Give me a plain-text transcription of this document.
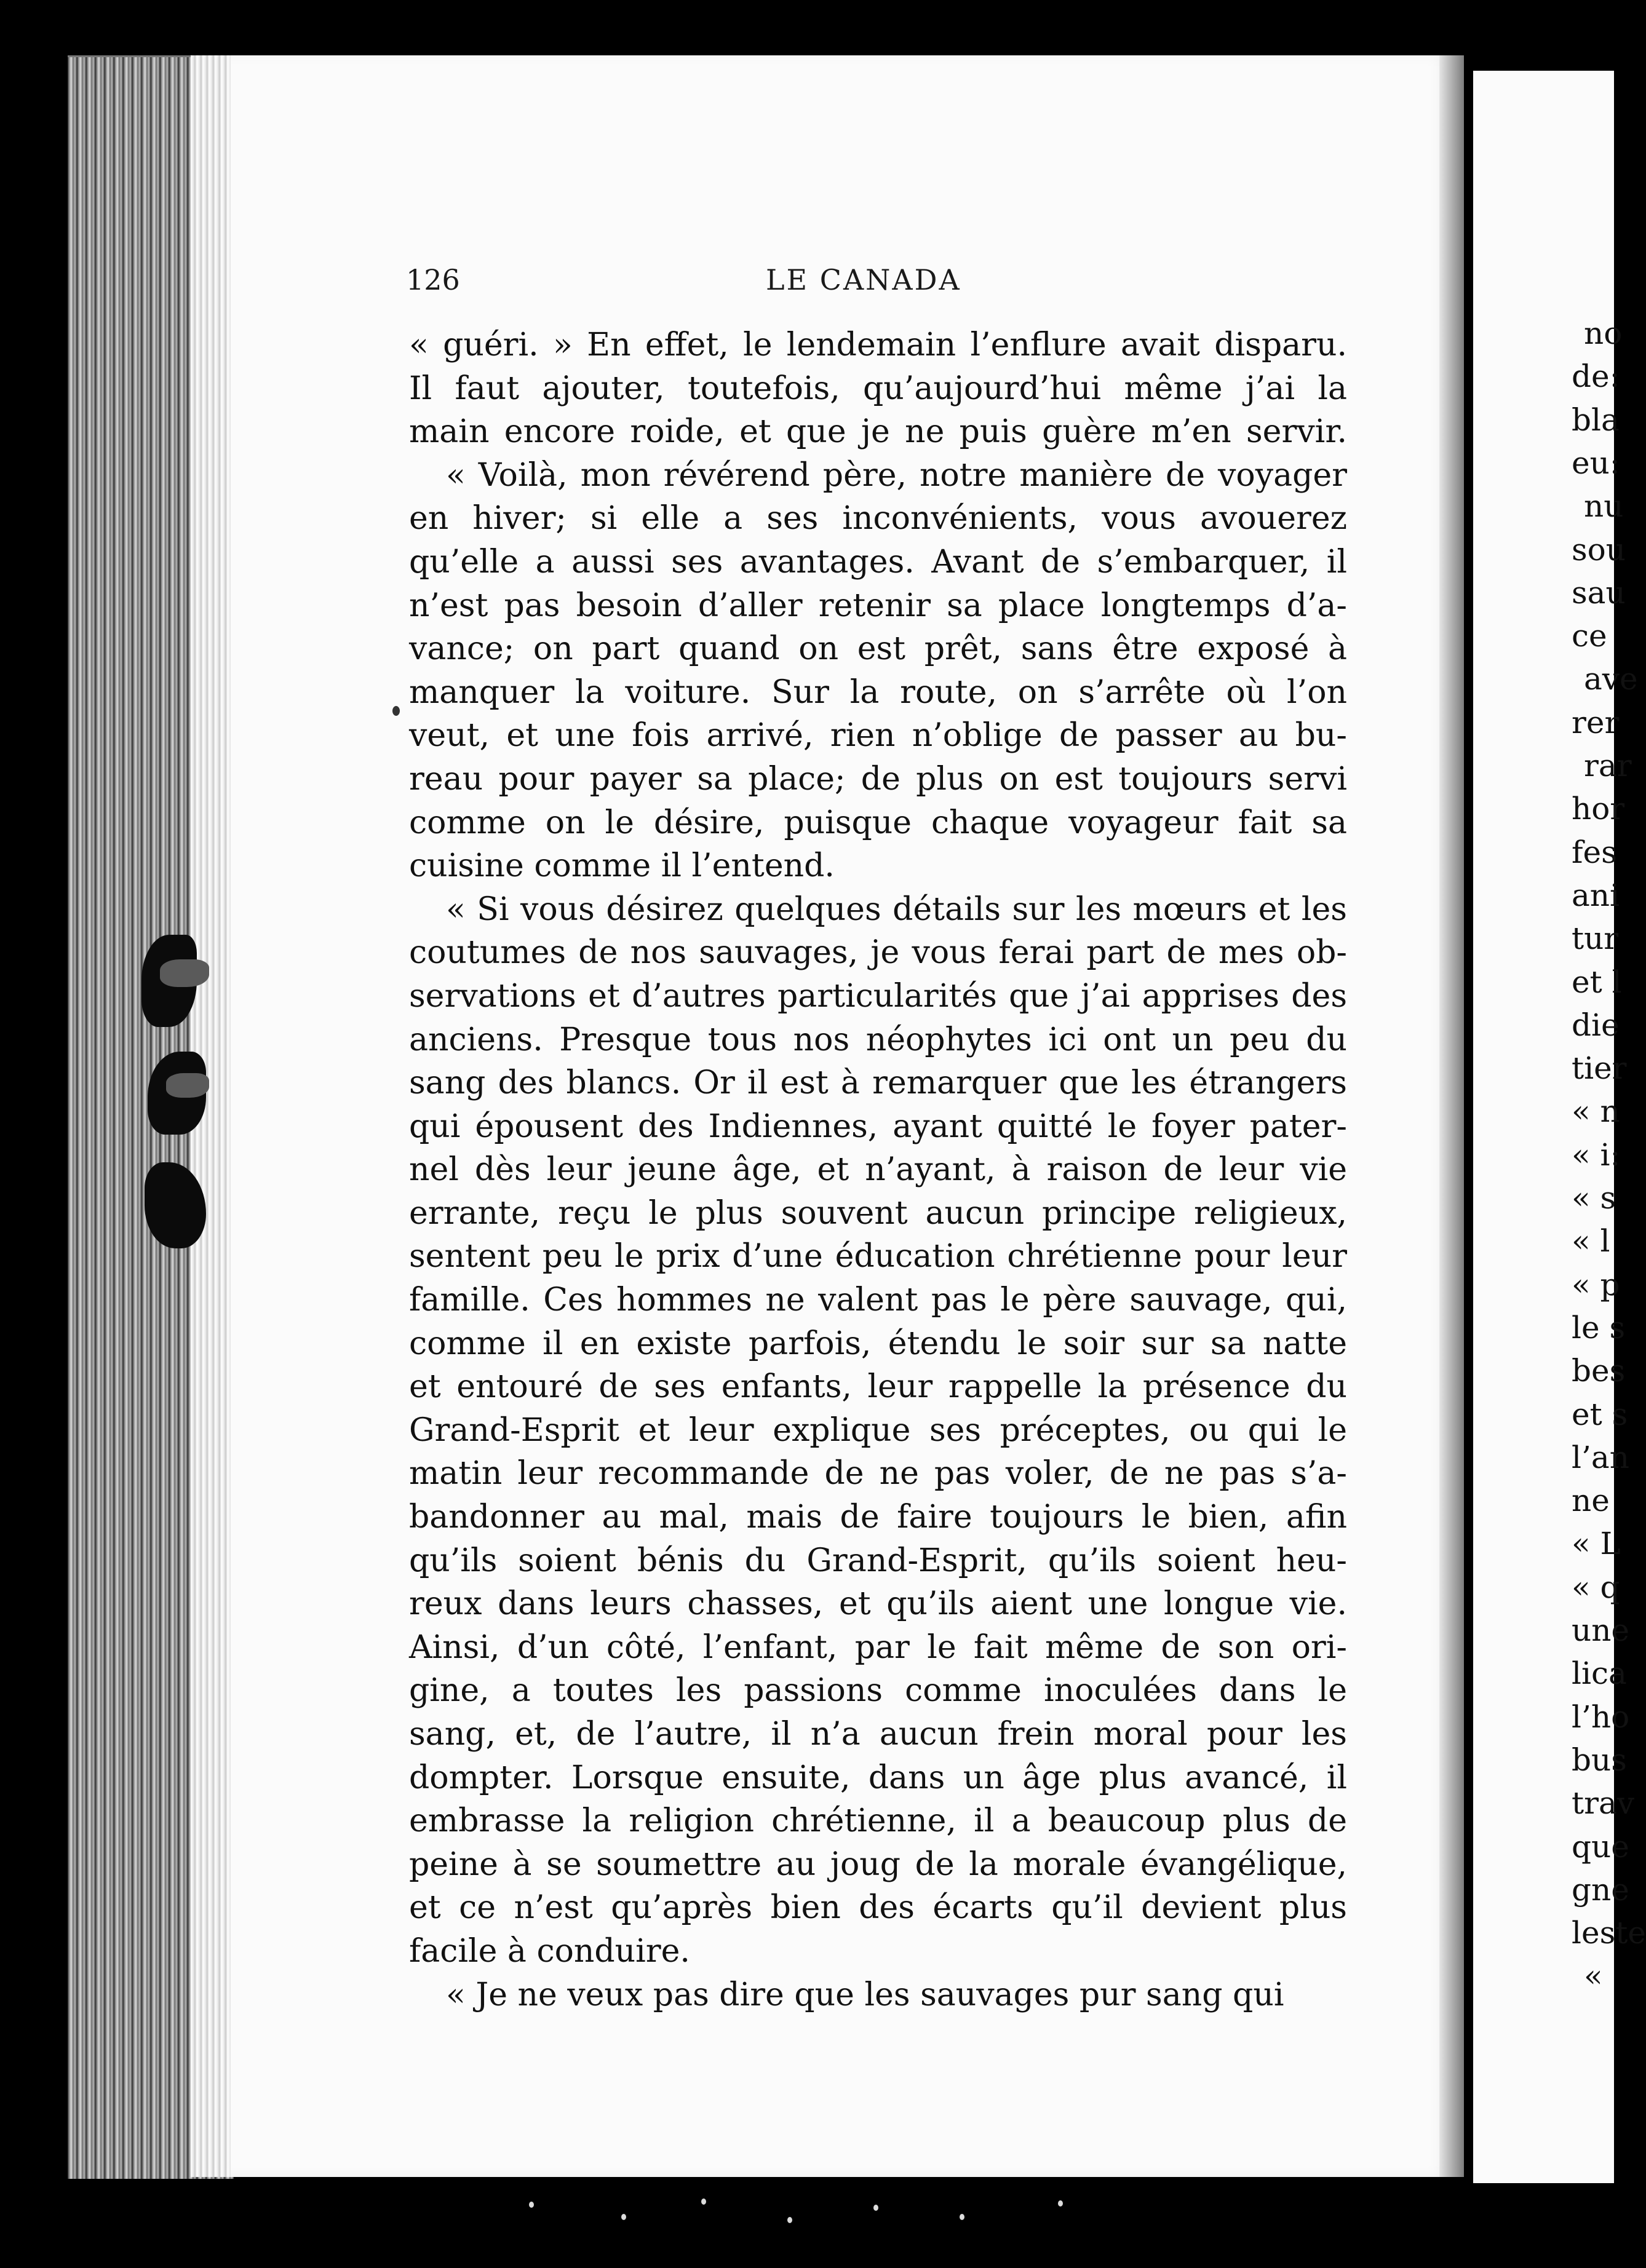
no
de:
bla
eu:
nu
sou
sau
ce
ave
rer
rar
hor
fes
ani
tur
et l
die
tier
« n
« i:
« s
« l
« p
le s
bes
et s
l’an
ne
« L
« q
une
lica
l’ho
bus
trav
que
gne
leste
«
126	LE CANADA
« guéri. » En effet, le lendemain l’enflure avait disparu.
Il faut ajouter, toutefois, qu’aujourd’hui même j’ai la
main encore roide, et que je ne puis guère m’en servir.
« Voilà, mon révérend père, notre manière de voyager
en hiver; si elle a ses inconvénients, vous avouerez
qu’elle a aussi ses avantages. Avant de s’embarquer, il
n’est pas besoin d’aller retenir sa place longtemps d’a-
vance; on part quand on est prêt, sans être exposé à
manquer la voiture. Sur la route, on s’arrête où l’on
veut, et une fois arrivé, rien n’oblige de passer au bu-
reau pour payer sa place; de plus on est toujours servi
comme on le désire, puisque chaque voyageur fait sa
cuisine comme il l’entend.
« Si vous désirez quelques détails sur les mœurs et les
coutumes de nos sauvages, je vous ferai part de mes ob-
servations et d’autres particularités que j’ai apprises des
anciens. Presque tous nos néophytes ici ont un peu du
sang des blancs. Or il est à remarquer que les étrangers
qui épousent des Indiennes, ayant quitté le foyer pater-
nel dès leur jeune âge, et n’ayant, à raison de leur vie
errante, reçu le plus souvent aucun principe religieux,
sentent peu le prix d’une éducation chrétienne pour leur
famille. Ces hommes ne valent pas le père sauvage, qui,
comme il en existe parfois, étendu le soir sur sa natte
et entouré de ses enfants, leur rappelle la présence du
Grand-Esprit et leur explique ses préceptes, ou qui le
matin leur recommande de ne pas voler, de ne pas s’a-
bandonner au mal, mais de faire toujours le bien, afin
qu’ils soient bénis du Grand-Esprit, qu’ils soient heu-
reux dans leurs chasses, et qu’ils aient une longue vie.
Ainsi, d’un côté, l’enfant, par le fait même de son ori-
gine, a toutes les passions comme inoculées dans le
sang, et, de l’autre, il n’a aucun frein moral pour les
dompter. Lorsque ensuite, dans un âge plus avancé, il
embrasse la religion chrétienne, il a beaucoup plus de
peine à se soumettre au joug de la morale évangélique,
et ce n’est qu’après bien des écarts qu’il devient plus
facile à conduire.
« Je ne veux pas dire que les sauvages pur sang qui
